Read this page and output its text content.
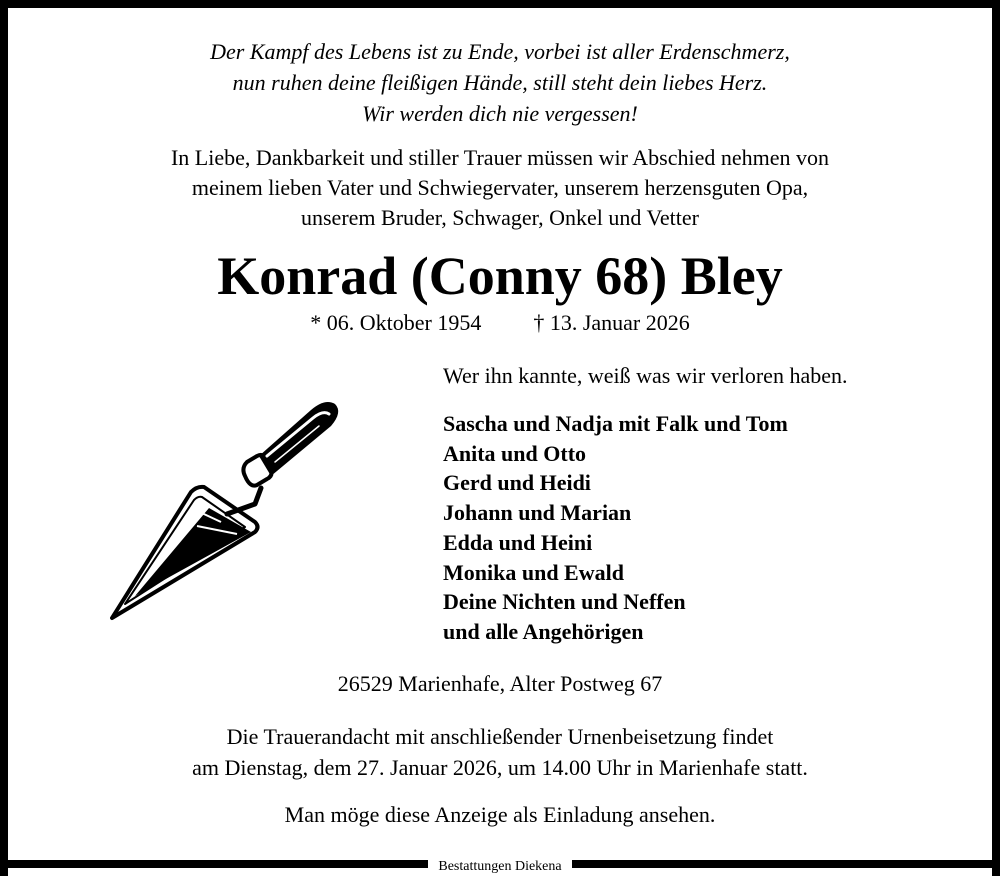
Der Kampf des Lebens ist zu Ende, vorbei ist aller Erdenschmerz,
nun ruhen deine fleißigen Hände, still steht dein liebes Herz.
Wir werden dich nie vergessen!
In Liebe, Dankbarkeit und stiller Trauer müssen wir Abschied nehmen von
meinem lieben Vater und Schwiegervater, unserem herzensguten Opa,
unserem Bruder, Schwager, Onkel und Vetter
Konrad (Conny 68) Bley
* 06. Oktober 1954 † 13. Januar 2026
Wer ihn kannte, weiß was wir verloren haben.
Sascha und Nadja mit Falk und Tom
Anita und Otto
Gerd und Heidi
Johann und Marian
Edda und Heini
Monika und Ewald
Deine Nichten und Neffen
und alle Angehörigen
26529 Marienhafe, Alter Postweg 67
Die Trauerandacht mit anschließender Urnenbeisetzung findet
am Dienstag, dem 27. Januar 2026, um 14.00 Uhr in Marienhafe statt.
Man möge diese Anzeige als Einladung ansehen.
Bestattungen Diekena
